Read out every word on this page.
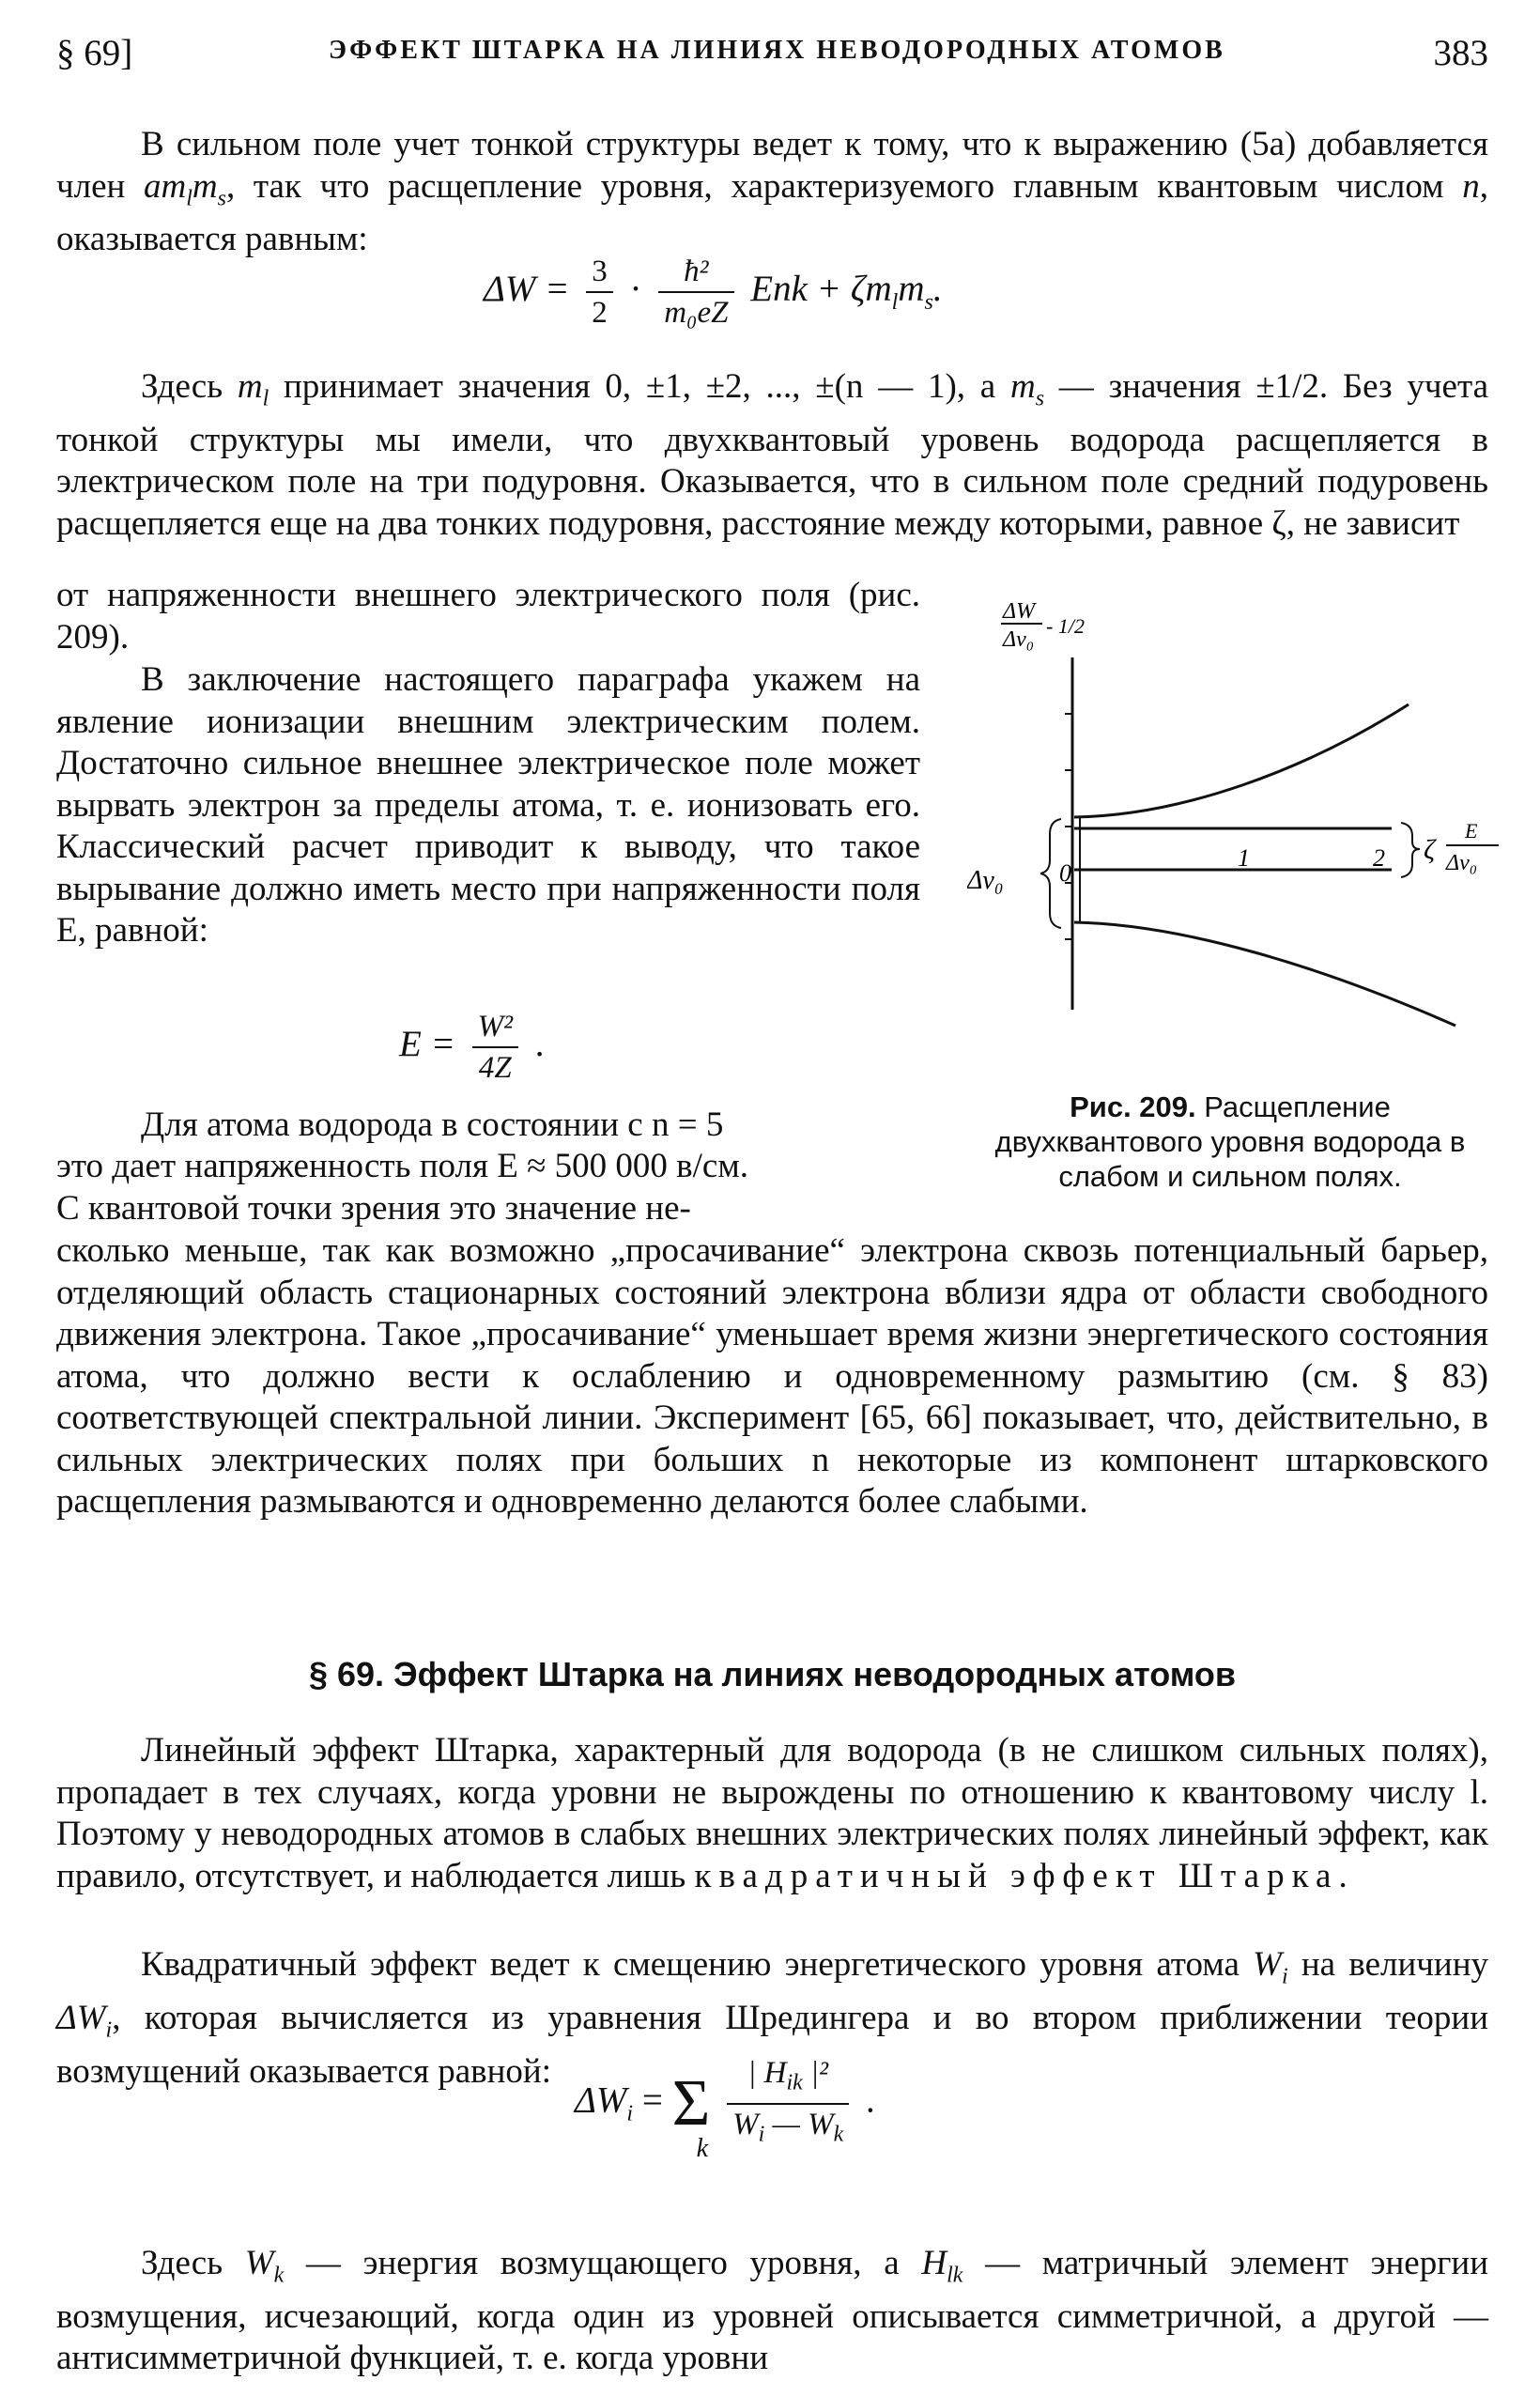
§ 69]	ЭФФЕКТ ШТАРКА НА ЛИНИЯХ НЕВОДОРОДНЫХ АТОМОВ	383

В сильном поле учет тонкой структуры ведет к тому, что к выражению (5а) добавляется член $am_lm_s$, так что расщепление уровня, характеризуемого главным квантовым числом n, оказывается равным:

$\Delta W = \frac{3}{2} \cdot \frac{\text{ħ²}}{\text{m₀eZ}}$ Enk + $\zeta m_lm_s$.

Здесь $m_l$ принимает значения 0, ±1, ±2, ..., ±(n — 1), а $m_s$ — значения ±1/2. Без учета тонкой структуры мы имели, что двухквантовый уровень водорода расщепляется в электрическом поле на три подуровня. Оказывается, что в сильном поле средний подуровень расщепляется еще на два тонких подуровня, расстояние между которыми, равное ζ, не зависит

от напряженности внешнего электрического поля (рис. 209).

В заключение настоящего параграфа укажем на явление ионизации внешним электрическим полем. Достаточно сильное внешнее электрическое поле может вырвать электрон за пределы атома, т. е. ионизовать его. Классический расчет приводит к выводу, что такое вырывание должно иметь место при напряженности поля E, равной:

$E = \frac{\text{W²}}{4Z}$ .

Для атома водорода в состоянии с n = 5

это дает напряженность поля E ≈ 500 000 в/см.

С квантовой точки зрения это значение не-

сколько меньше, так как возможно „просачивание“ электрона сквозь потенциальный барьер, отделяющий область стационарных состояний электрона вблизи ядра от области свободного движения электрона. Такое „просачивание“ уменьшает время жизни энергетического состояния атома, что должно вести к ослаблению и одновременному размытию (см. § 83) соответствующей спектральной линии. Эксперимент [65, 66] показывает, что, действительно, в сильных электрических полях при больших n некоторые из компонент штарковского расщепления размываются и одновременно делаются более слабыми.

§ 69. Эффект Штарка на линиях неводородных атомов

Линейный эффект Штарка, характерный для водорода (в не слишком сильных полях), пропадает в тех случаях, когда уровни не вырождены по отношению к квантовому числу l. Поэтому у неводородных атомов в слабых внешних электрических полях линейный эффект, как правило, отсутствует, и наблюдается лишь квадратичный эффект Штарка.

Квадратичный эффект ведет к смещению энергетического уровня атома $W_i$ на величину $\Delta W_i$, которая вычисляется из уравнения Шредингера и во втором приближении теории возмущений оказывается равной:

$\Delta W_i = \Sigma$
k
$\frac{| H_{ik} |^2}{W_i — W_k}$ .

Здесь $W_k$ — энергия возмущающего уровня, а $H_{lk}$ — матричный элемент энергии возмущения, исчезающий, когда один из уровней описывается симметричной, а другой — антисимметричной функцией, т. е. когда уровни

ΔW
Δν₀
- 1/2
Δν₀ 0
1	2 ζ
E
Δν₀
Рис. 209. Расщепление двухквантового уровня водорода в слабом и сильном полях.
